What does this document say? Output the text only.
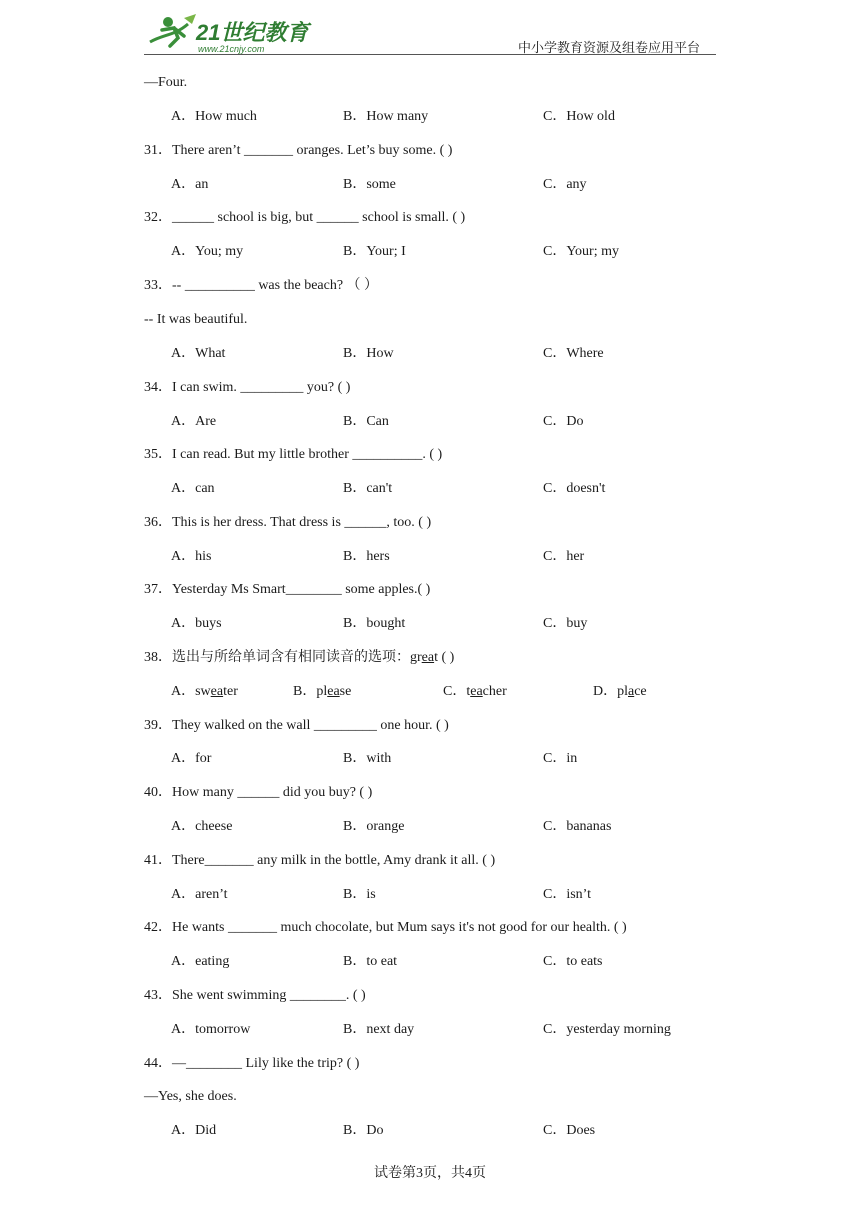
21世纪教育
www.21cnjy.com	中小学教育资源及组卷应用平台
—Four.
A．How much	B．How many	C．How old
31．There aren’t _______ oranges. Let’s buy some. ( )
A．an	B．some	C．any
32．______ school is big, but ______ school is small. ( )
A．You; my	B．Your; I	C．Your; my
33．-- __________ was the beach? （ ）
-- It was beautiful.
A．What	B．How	C．Where
34．I can swim. _________ you? ( )
A．Are	B．Can	C．Do
35．I can read. But my little brother __________. ( )
A．can	B．can't	C．doesn't
36．This is her dress. That dress is ______, too. ( )
A．his	B．hers	C．her
37．Yesterday Ms Smart________ some apples.( )
A．buys	B．bought	C．buy
39．They walked on the wall _________ one hour. ( )
A．for	B．with	C．in
40．How many ______ did you buy? ( )
A．cheese	B．orange	C．bananas
41．There_______ any milk in the bottle, Amy drank it all. ( )
A．aren’t	B．is	C．isn’t
42．He wants _______ much chocolate, but Mum says it's not good for our health. ( )
A．eating	B．to eat	C．to eats
43．She went swimming ________. ( )
A．tomorrow	B．next day	C．yesterday morning
44．—________ Lily like the trip? ( )
—Yes, she does.
A．Did	B．Do	C．Does
38．选出与所给单词含有相同读音的选项：great ( )
A．sweater	B．please	C．teacher	D．place
试卷第3页，共4页
